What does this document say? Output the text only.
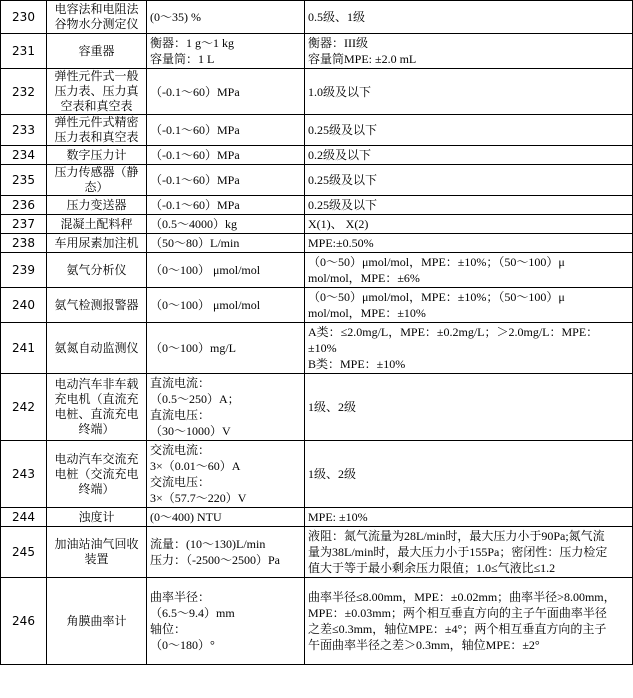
230	电容法和电阻法
谷物水分测定仪	(0～35) %	0.5级、1级

231	容重器	衡器：1 g～1 kg
容量筒：1 L	衡器：III级
容量筒MPE: ±2.0 mL

232	弹性元件式一般
压力表、压力真
空表和真空表	（-0.1～60）MPa	1.0级及以下

233	弹性元件式精密
压力表和真空表	（-0.1～60）MPa	0.25级及以下

234	数字压力计	（-0.1～60）MPa	0.2级及以下

235	压力传感器（静
态）	（-0.1～60）MPa	0.25级及以下

236	压力变送器	（-0.1～60）MPa	0.25级及以下

237	混凝土配料秤	（0.5～4000）kg	X(1)、 X(2)

238	车用尿素加注机	（50～80）L/min	MPE:±0.50%

239	氨气分析仪	（0～100） μmol/mol	（0～50）μmol/mol，MPE：±10%；（50～100）μ
mol/mol，MPE：±6%

240	氨气检测报警器	（0～100） μmol/mol	（0～50）μmol/mol，MPE：±10%；（50～100）μ
mol/mol，MPE：±10%

241	氨氮自动监测仪	（0～100）mg/L	A类：≤2.0mg/L，MPE：±0.2mg/L；＞2.0mg/L：MPE：
±10%
B类：MPE：±10%

242	电动汽车非车载
充电机（直流充
电桩、直流充电
终端）	直流电流：
（0.5～250）A；
直流电压：
（30～1000）V	1级、2级

243	电动汽车交流充
电桩（交流充电
终端）	交流电流：
3×（0.01～60）A
交流电压：
3×（57.7～220）V	1级、2级

244	浊度计	(0～400) NTU	MPE: ±10%

245	加油站油气回收
装置	流量：(10～130)L/min
压力：（-2500～2500）Pa	液阻：氮气流量为28L/min时，最大压力小于90Pa;氮气流
量为38L/min时，最大压力小于155Pa；密闭性：压力检定
值大于等于最小剩余压力限值；1.0≤气液比≤1.2

246	角膜曲率计	曲率半径：
（6.5～9.4）mm
轴位：
（0～180）°	曲率半径≤8.00mm，MPE：±0.02mm；曲率半径>8.00mm，
MPE：±0.03mm；两个相互垂直方向的主子午面曲率半径
之差≤0.3mm，轴位MPE：±4°；两个相互垂直方向的主子
午面曲率半径之差＞0.3mm，轴位MPE：±2°
